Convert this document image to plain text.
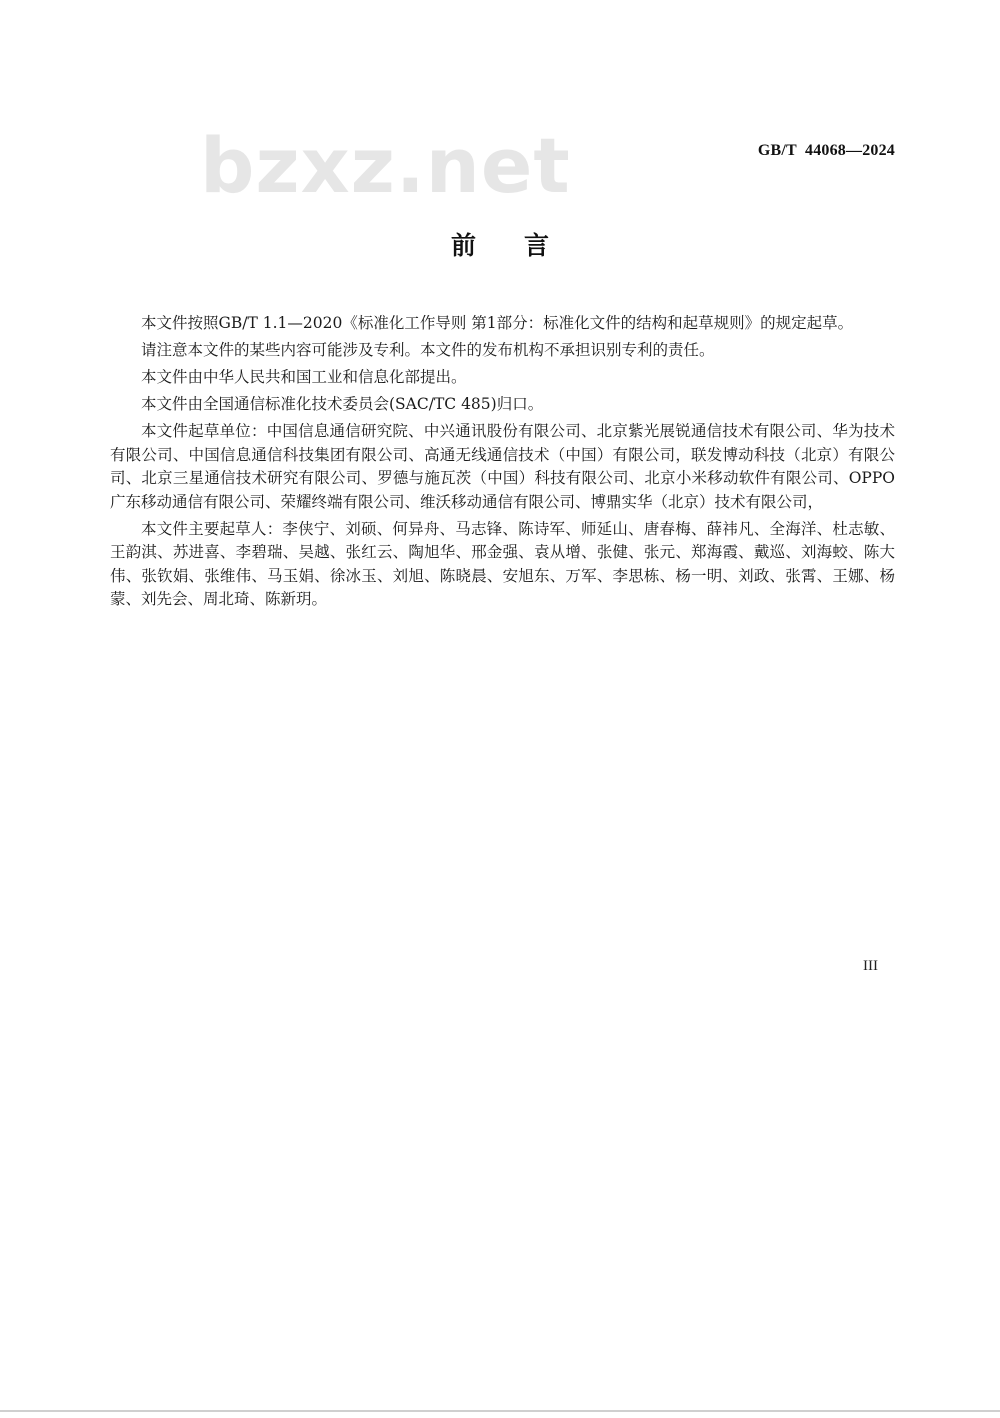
bzxz.net	GB/T  44068—2024
前 言

本文件按照GB/T 1.1—2020《标准化工作导则 第1部分：标准化文件的结构和起草规则》的规定起草。

请注意本文件的某些内容可能涉及专利。本文件的发布机构不承担识别专利的责任。

本文件由中华人民共和国工业和信息化部提出。

本文件由全国通信标准化技术委员会(SAC/TC 485)归口。

本文件起草单位：中国信息通信研究院、中兴通讯股份有限公司、北京紫光展锐通信技术有限公司、华为技术有限公司、中国信息通信科技集团有限公司、高通无线通信技术（中国）有限公司，联发博动科技（北京）有限公司、北京三星通信技术研究有限公司、罗德与施瓦茨（中国）科技有限公司、北京小米移动软件有限公司、OPPO 广东移动通信有限公司、荣耀终端有限公司、维沃移动通信有限公司、博鼎实华（北京）技术有限公司，

本文件主要起草人：李侠宁、刘硕、何异舟、马志锋、陈诗军、师延山、唐春梅、薛祎凡、全海洋、杜志敏、王韵淇、苏进喜、李碧瑞、吴越、张红云、陶旭华、邢金强、袁从增、张健、张元、郑海霞、戴巡、刘海蛟、陈大伟、张钦娟、张维伟、马玉娟、徐冰玉、刘旭、陈晓晨、安旭东、万军、李思栋、杨一明、刘政、张霄、王娜、杨蒙、刘先会、周北琦、陈新玥。

III
